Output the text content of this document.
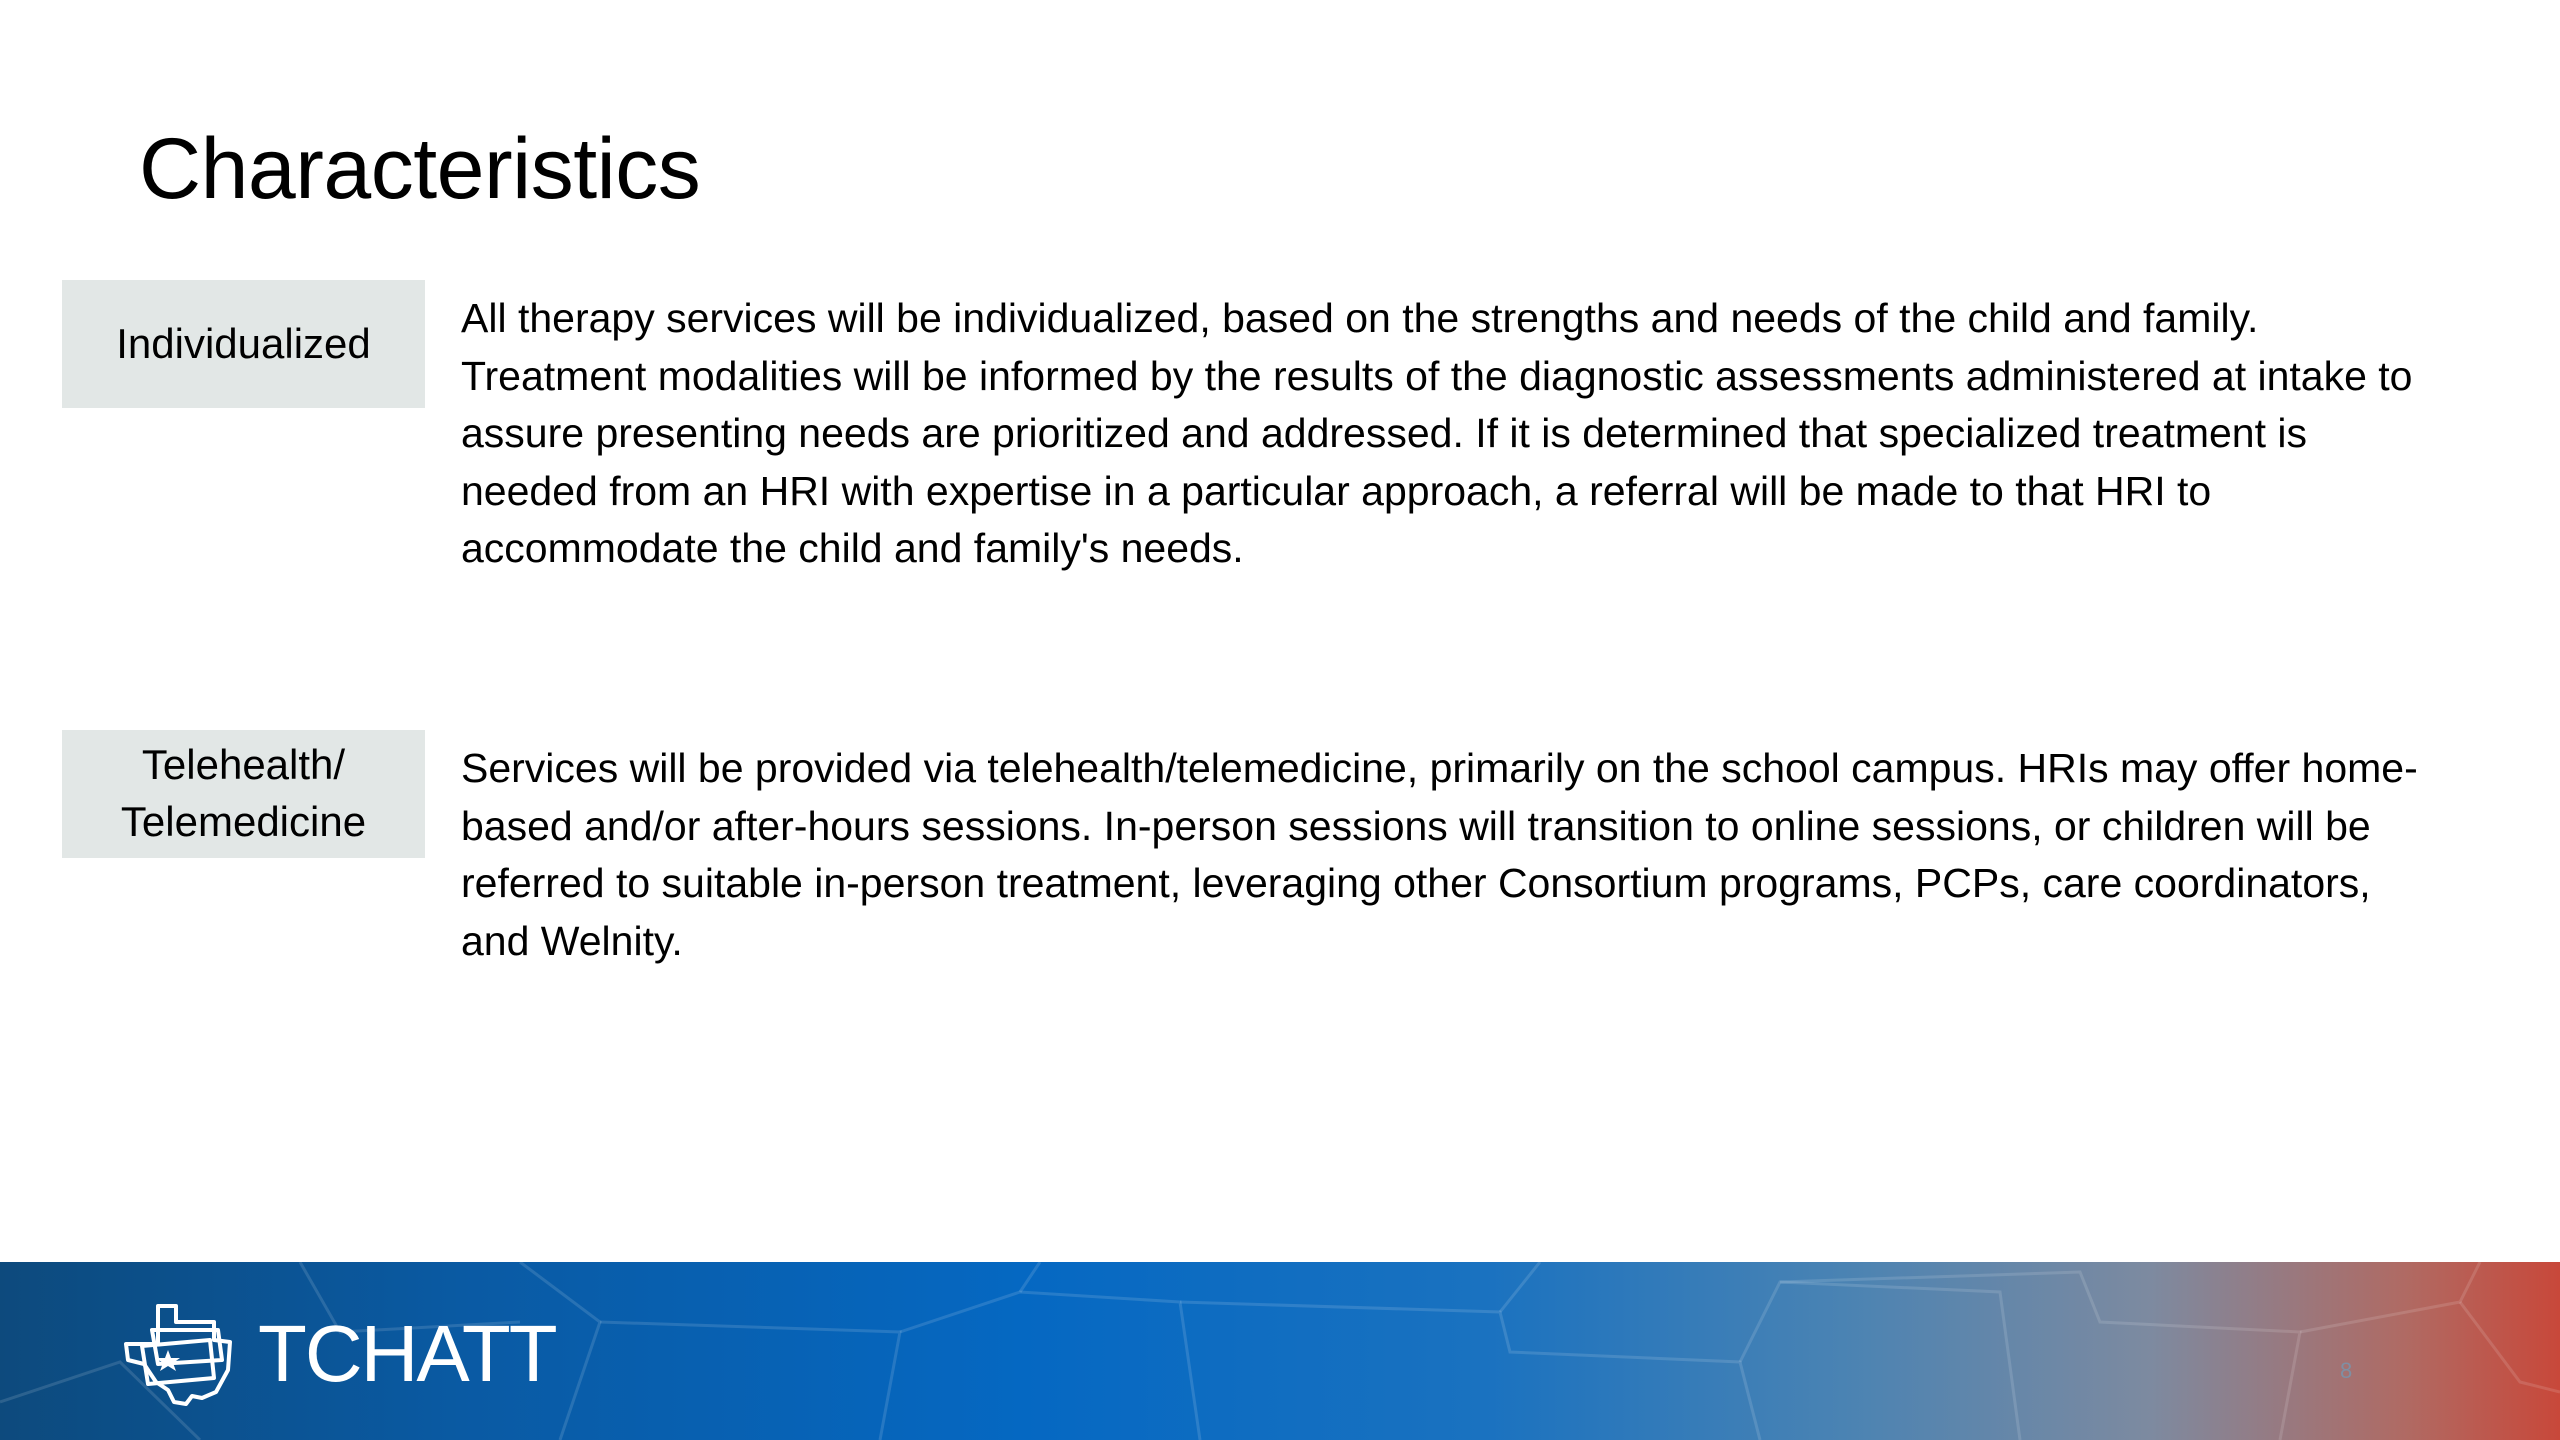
Characteristics
Individualized

All therapy services will be individualized, based on the strengths and needs of the child and family. Treatment modalities will be informed by the results of the diagnostic assessments administered at intake to assure presenting needs are prioritized and addressed. If it is determined that specialized treatment is needed from an HRI with expertise in a particular approach, a referral will be made to that HRI to accommodate the child and family's needs.

Telehealth/
Telemedicine

Services will be provided via telehealth/telemedicine, primarily on the school campus. HRIs may offer home-based and/or after-hours sessions. In-person sessions will transition to online sessions, or children will be referred to suitable in-person treatment, leveraging other Consortium programs, PCPs, care coordinators, and Welnity.

TCHATT	8
